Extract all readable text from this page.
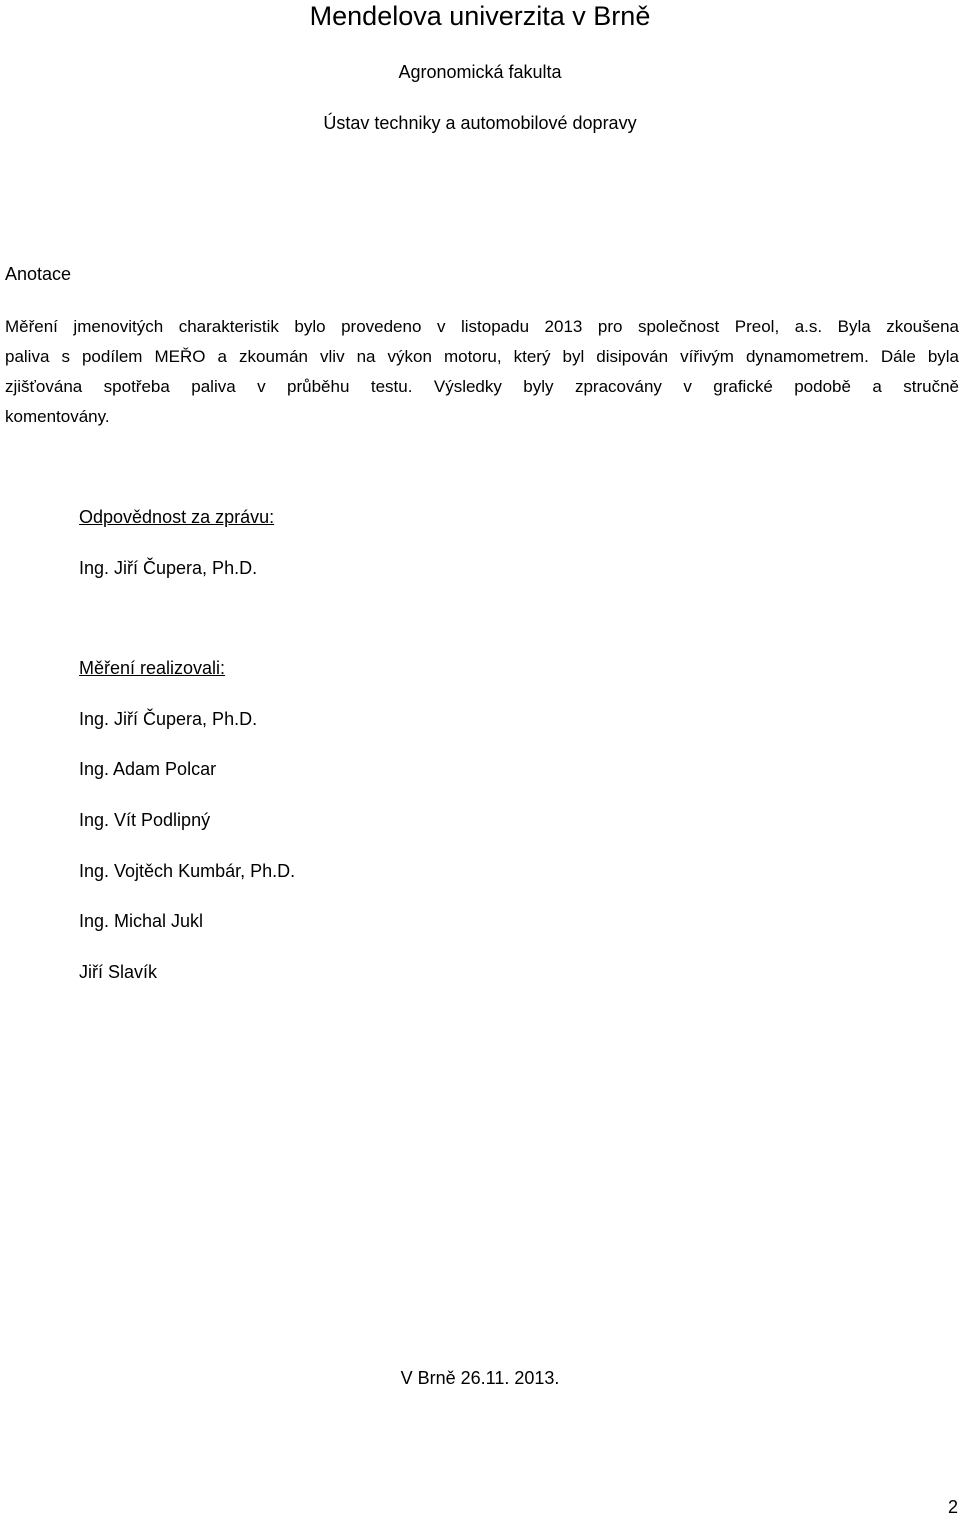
Mendelova univerzita v Brně
Agronomická fakulta
Ústav techniky a automobilové dopravy
Anotace
Měření jmenovitých charakteristik bylo provedeno v listopadu 2013 pro společnost Preol, a.s. Byla zkoušena
paliva s podílem MEŘO a zkoumán vliv na výkon motoru, který byl disipován vířivým dynamometrem. Dále byla
zjišťována spotřeba paliva v průběhu testu. Výsledky byly zpracovány v grafické podobě a stručně
komentovány.
Odpovědnost za zprávu:
Ing. Jiří Čupera, Ph.D.
Měření realizovali:
Ing. Jiří Čupera, Ph.D.
Ing. Adam Polcar
Ing. Vít Podlipný
Ing. Vojtěch Kumbár, Ph.D.
Ing. Michal Jukl
Jiří Slavík
V Brně 26.11. 2013.
2
